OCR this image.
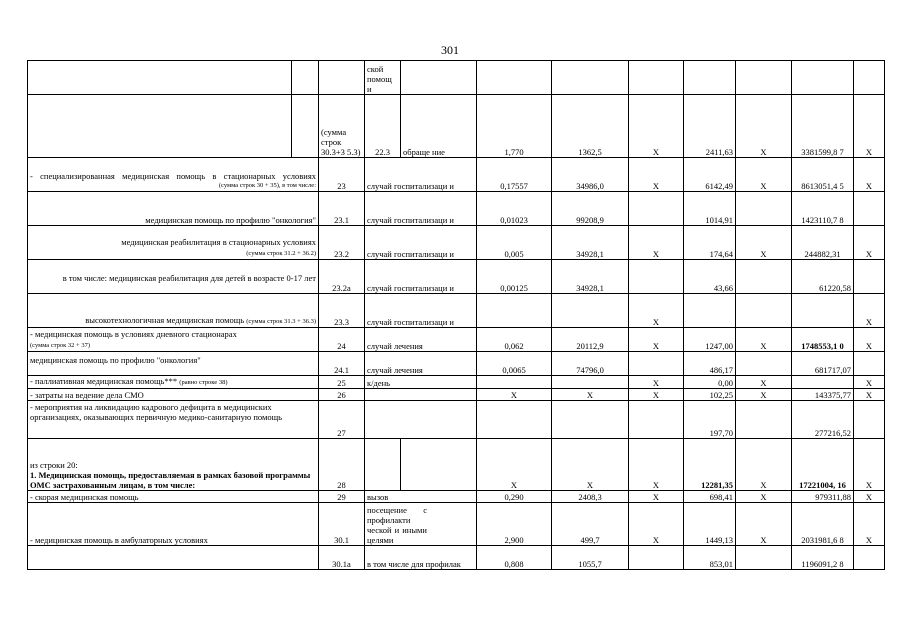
301
			ской помощ и								
		(сумма строк 30.3+3 5.3)	22.3	обраще ние	1,770	1362,5	X	2411,63	X	3381599,8 7	X

- специализированная медицинская помощь в стационарных условиях
(сумма строк 30 + 35), в том числе:		23	случай госпитализаци и		0,17557	34986,0	X	6142,49	X	8613051,4 5	X
медицинская помощь по профилю "онкология"		23.1	случай госпитализаци и		0,01023	99208,9		1014,91		1423110,7 8	

медицинская реабилитация в стационарных условиях
(сумма строк 31.2 + 36.2)		23.2	случай госпитализаци и		0,005	34928,1	X	174,64	X	244882,31	X

в том числе: медицинская реабилитация для детей в возрасте 0-17 лет		23.2a	случай госпитализаци и		0,00125	34928,1		43,66		61220,58	
высокотехнологичная медицинская помощь (сумма строк 31.3 + 36.3)		23.3	случай госпитализаци и				X				X

- медицинская помощь в условиях дневного стационарах
(сумма строк 32 + 37)		24	случай лечения		0,062	20112,9	X	1247,00	X	1748553,1 0	X

медицинская помощь по профилю "онкология"		24.1	случай лечения		0,0065	74796,0		486,17		681717,07	
- паллиативная медицинская помощь*** (равно строке 38)		25	к/день				X	0,00	X		X
- затраты на ведение дела СМО		26			X	X	X	102,25	X	143375,77	X
- мероприятия на ликвидацию кадрового дефицита в медицинских организациях, оказывающих первичную медико-санитарную помощь		27						197,70		277216,52	

из строки 20:
1. Медицинская помощь, предоставляемая в рамках базовой программы ОМС застрахованным лицам, в том числе:		28			X	X	X	12281,35	X	17221004, 16	X
- скорая медицинская помощь		29	вызов		0,290	2408,3	X	698,41	X	979311,88	X
- медицинская помощь в амбулаторных условиях		30.1	посещение с профилакти ческой и иными целями		2,900	499,7	X	1449,13	X	2031981,6 8	X
		30.1a	в том числе для профилак		0,808	1055,7		853,01		1196091,2 8	
